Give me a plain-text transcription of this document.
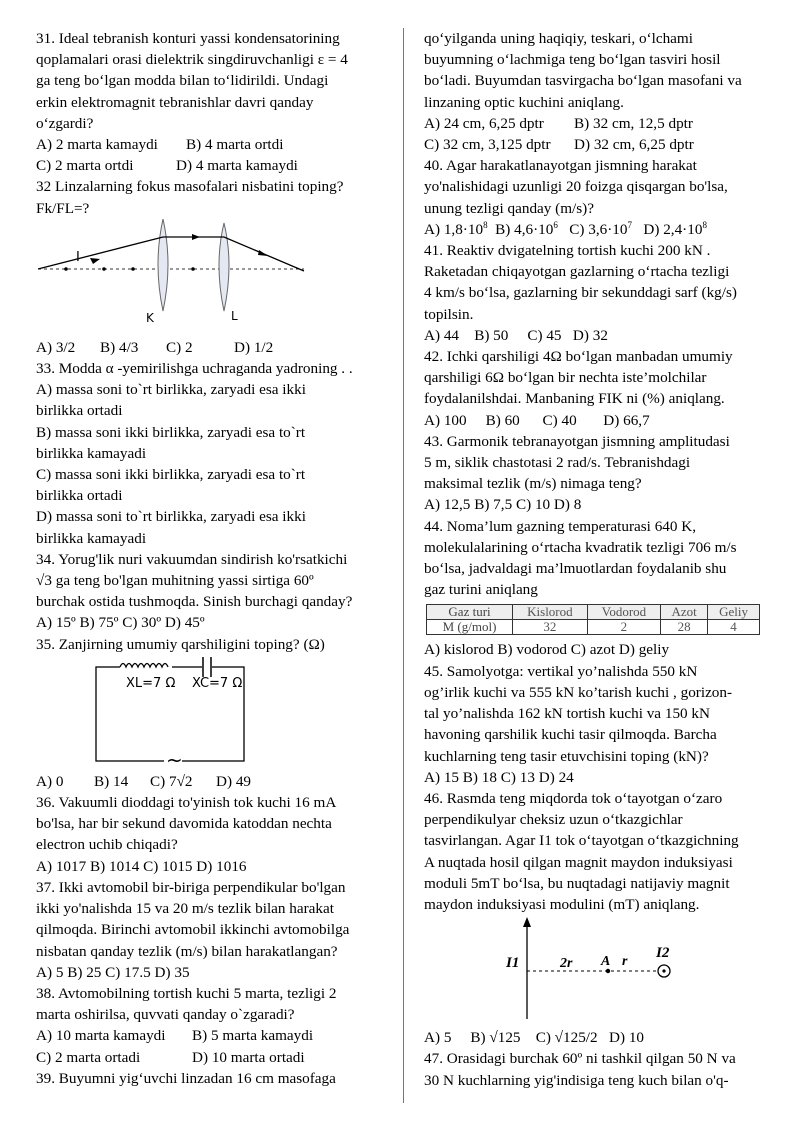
31. Ideal tebranish konturi yassi kondensatorining
qoplamalari orasi dielektrik singdiruvchanligi ε = 4
ga teng bo‘lgan modda bilan to‘lidirildi. Undagi
erkin elektromagnit tebranishlar davri qanday
o‘zgardi?
A) 2 marta kamaydi B) 4 marta ortdi
C) 2 marta ortdi	D) 4 marta kamaydi
32 Linzalarning fokus masofalari nisbatini toping?
Fk/FL=?
I
K	L
A) 3/2 B) 4/3 C) 2	D) 1/2
33. Modda α -yemirilishga uchraganda yadroning . .
A) massa soni to`rt birlikka, zaryadi esa ikki
birlikka ortadi
B) massa soni ikki birlikka, zaryadi esa to`rt
birlikka kamayadi
C) massa soni ikki birlikka, zaryadi esa to`rt
birlikka ortadi
D) massa soni to`rt birlikka, zaryadi esa ikki
birlikka kamayadi
34. Yorug'lik nuri vakuumdan sindirish ko'rsatkichi
√3 ga teng bo'lgan muhitning yassi sirtiga 60º
burchak ostida tushmoqda. Sinish burchagi qanday?
A) 15º B) 75º C) 30º D) 45º
35. Zanjirning umumiy qarshiligini toping? (Ω)
XL=7 Ω XC=7 Ω
~
A) 0 B) 14 C) 7√2 D) 49
36. Vakuumli dioddagi to'yinish tok kuchi 16 mA
bo'lsa, har bir sekund davomida katoddan nechta
electron uchib chiqadi?
A) 1017 B) 1014 C) 1015 D) 1016
37. Ikki avtomobil bir-biriga perpendikular bo'lgan
ikki yo'nalishda 15 va 20 m/s tezlik bilan harakat
qilmoqda. Birinchi avtomobil ikkinchi avtomobilga
nisbatan qanday tezlik (m/s) bilan harakatlangan?
A) 5 B) 25 C) 17.5 D) 35
38. Avtomobilning tortish kuchi 5 marta, tezligi 2
marta oshirilsa, quvvati qanday o`zgaradi?
A) 10 marta kamaydi B) 5 marta kamaydi
C) 2 marta ortadi	D) 10 marta ortadi
39. Buyumni yig‘uvchi linzadan 16 cm masofaga
qo‘yilganda uning haqiqiy, teskari, o‘lchami
buyumning o‘lachmiga teng bo‘lgan tasviri hosil
bo‘ladi. Buyumdan tasvirgacha bo‘lgan masofani va
linzaning optic kuchini aniqlang.
A) 24 cm, 6,25 dptr B) 32 cm, 12,5 dptr
C) 32 cm, 3,125 dptr D) 32 cm, 6,25 dptr
40. Agar harakatlanayotgan jismning harakat
yo'nalishidagi uzunligi 20 foizga qisqargan bo'lsa,
unung tezligi qanday (m/s)?
A) $1,8\cdot 10^8$ B) $4,6\cdot 10^6$ C) $3,6\cdot 10^7$ D) $2,4\cdot 10^8$
41. Reaktiv dvigatelning tortish kuchi 200 kN .
Raketadan chiqayotgan gazlarning o‘rtacha tezligi
4 km/s bo‘lsa, gazlarning bir sekunddagi sarf (kg/s)
topilsin.
A) 44    B) 50     C) 45   D) 32
42. Ichki qarshiligi 4Ω bo‘lgan manbadan umumiy
qarshiligi 6Ω bo‘lgan bir nechta iste’molchilar
foydalanilshdai. Manbaning FIK ni (%) aniqlang.
A) 100     B) 60      C) 40       D) 66,7
43. Garmonik tebranayotgan jismning amplitudasi
5 m, siklik chastotasi 2 rad/s. Tebranishdagi
maksimal tezlik (m/s) nimaga teng?
A) 12,5 B) 7,5 C) 10 D) 8
44. Noma’lum gazning temperaturasi 640 K,
molekulalarining o‘rtacha kvadratik tezligi 706 m/s
bo‘lsa, jadvaldagi ma’lmuotlardan foydalanib shu
gaz turini aniqlang
Gaz turi	Kislorod	Vodorod	Azot	Geliy
M (g/mol)	32	2	28	4
A) kislorod B) vodorod C) azot D) geliy
45. Samolyotga: vertikal yo’nalishda 550 kN
og’irlik kuchi va 555 kN ko’tarish kuchi , gorizon-
tal yo’nalishda 162 kN tortish kuchi va 150 kN
havoning qarshilik kuchi tasir qilmoqda. Barcha
kuchlarning teng tasir etuvchisini toping (kN)?
A) 15 B) 18 C) 13 D) 24
46. Rasmda teng miqdorda tok o‘tayotgan o‘zaro
perpendikulyar cheksiz uzun o‘tkazgichlar
tasvirlangan. Agar I1 tok o‘tayotgan o‘tkazgichning
A nuqtada hosil qilgan magnit maydon induksiyasi
moduli 5mT bo‘lsa, bu nuqtadagi natijaviy magnit
maydon induksiyasi modulini (mT) aniqlang.
I1
I2
2r A r
A) 5     B) √125    C) √125/2   D) 10
47. Orasidagi burchak 60º ni tashkil qilgan 50 N va
30 N kuchlarning yig'indisiga teng kuch bilan o'q-
